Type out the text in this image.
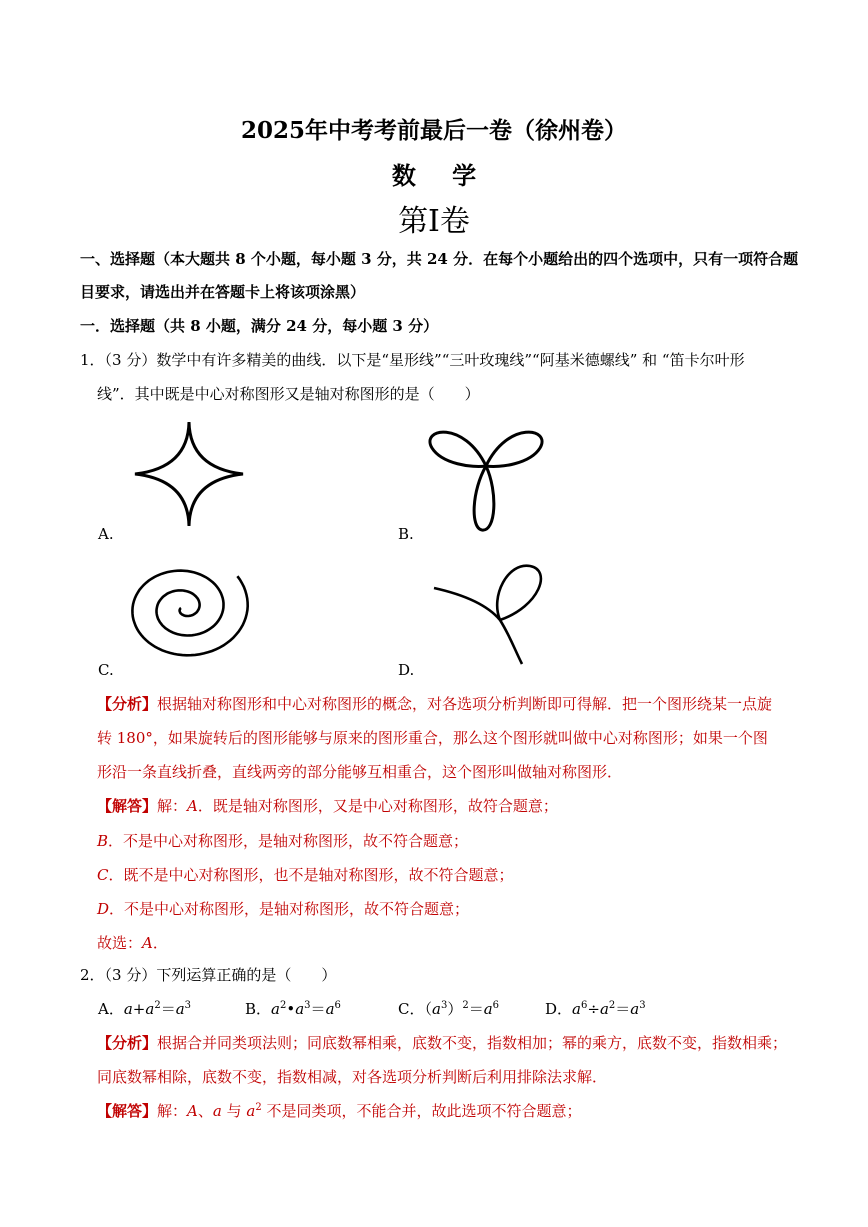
2025年中考考前最后一卷（徐州卷）
数 学
第I卷
一、选择题（本大题共 8 个小题，每小题 3 分，共 24 分．在每个小题给出的四个选项中，只有一项符合题
目要求，请选出并在答题卡上将该项涂黑）
一．选择题（共 8 小题，满分 24 分，每小题 3 分）
1．（3 分）数学中有许多精美的曲线．以下是“星形线”“三叶玫瑰线”“阿基米德螺线” 和 “笛卡尔叶形
线”．其中既是中心对称图形又是轴对称图形的是（　　）
A.	B.
C.	D.
【分析】根据轴对称图形和中心对称图形的概念，对各选项分析判断即可得解．把一个图形绕某一点旋
转 180°，如果旋转后的图形能够与原来的图形重合，那么这个图形就叫做中心对称图形；如果一个图
形沿一条直线折叠，直线两旁的部分能够互相重合，这个图形叫做轴对称图形．
【解答】解：A．既是轴对称图形，又是中心对称图形，故符合题意；
B．不是中心对称图形，是轴对称图形，故不符合题意；
C．既不是中心对称图形，也不是轴对称图形，故不符合题意；
D．不是中心对称图形，是轴对称图形，故不符合题意；
故选：A．
2．（3 分）下列运算正确的是（　　）
A．$a+a^2=a^3$	B．$a^2•a^3=a^6$	C．$(a^3)^2=a^6$	D．$a^6\div a^2=a^3$
【分析】根据合并同类项法则；同底数幂相乘，底数不变，指数相加；幂的乘方，底数不变，指数相乘；
同底数幂相除，底数不变，指数相减，对各选项分析判断后利用排除法求解．
【解答】解：A、a 与 $a^2$ 不是同类项，不能合并，故此选项不符合题意；
